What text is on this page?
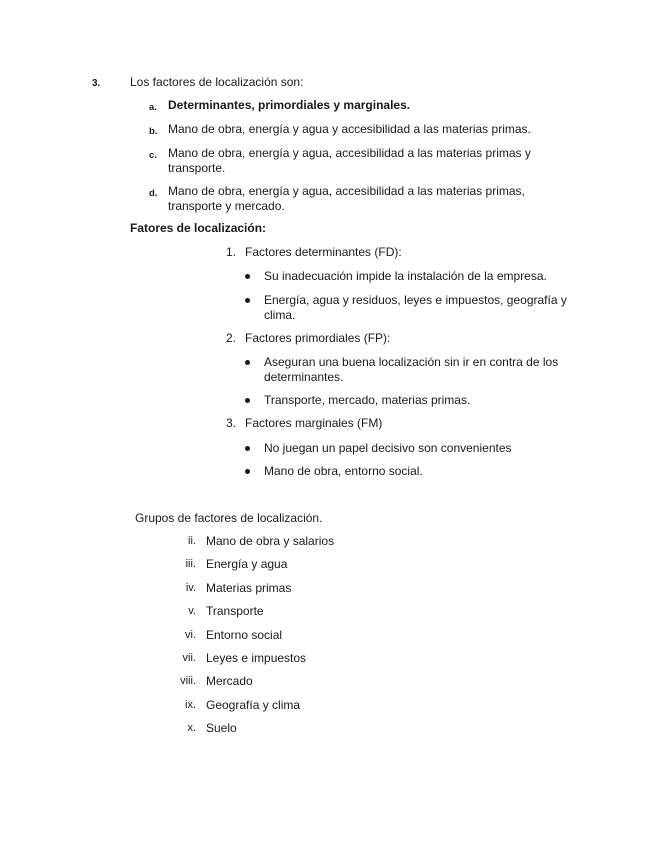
3. Los factores de localización son:
a. Determinantes, primordiales y marginales.
b. Mano de obra, energía y agua y accesibilidad a las materias primas.
c. Mano de obra, energía y agua, accesibilidad a las materias primas y
transporte.
d. Mano de obra, energía y agua, accesibilidad a las materias primas,
transporte y mercado.
Fatores de localización:
1. Factores determinantes (FD):
Su inadecuación impide la instalación de la empresa.
Energía, agua y residuos, leyes e impuestos, geografía y
clima.
2. Factores primordiales (FP):
Aseguran una buena localización sin ir en contra de los
determinantes.
Transporte, mercado, materias primas.
3. Factores marginales (FM)
No juegan un papel decisivo son convenientes
Mano de obra, entorno social.
Grupos de factores de localización.
ii. Mano de obra y salarios
iii. Energía y agua
iv. Materias primas
v. Transporte
vi. Entorno social
vii. Leyes e impuestos
viii. Mercado
ix. Geografía y clima
x. Suelo
